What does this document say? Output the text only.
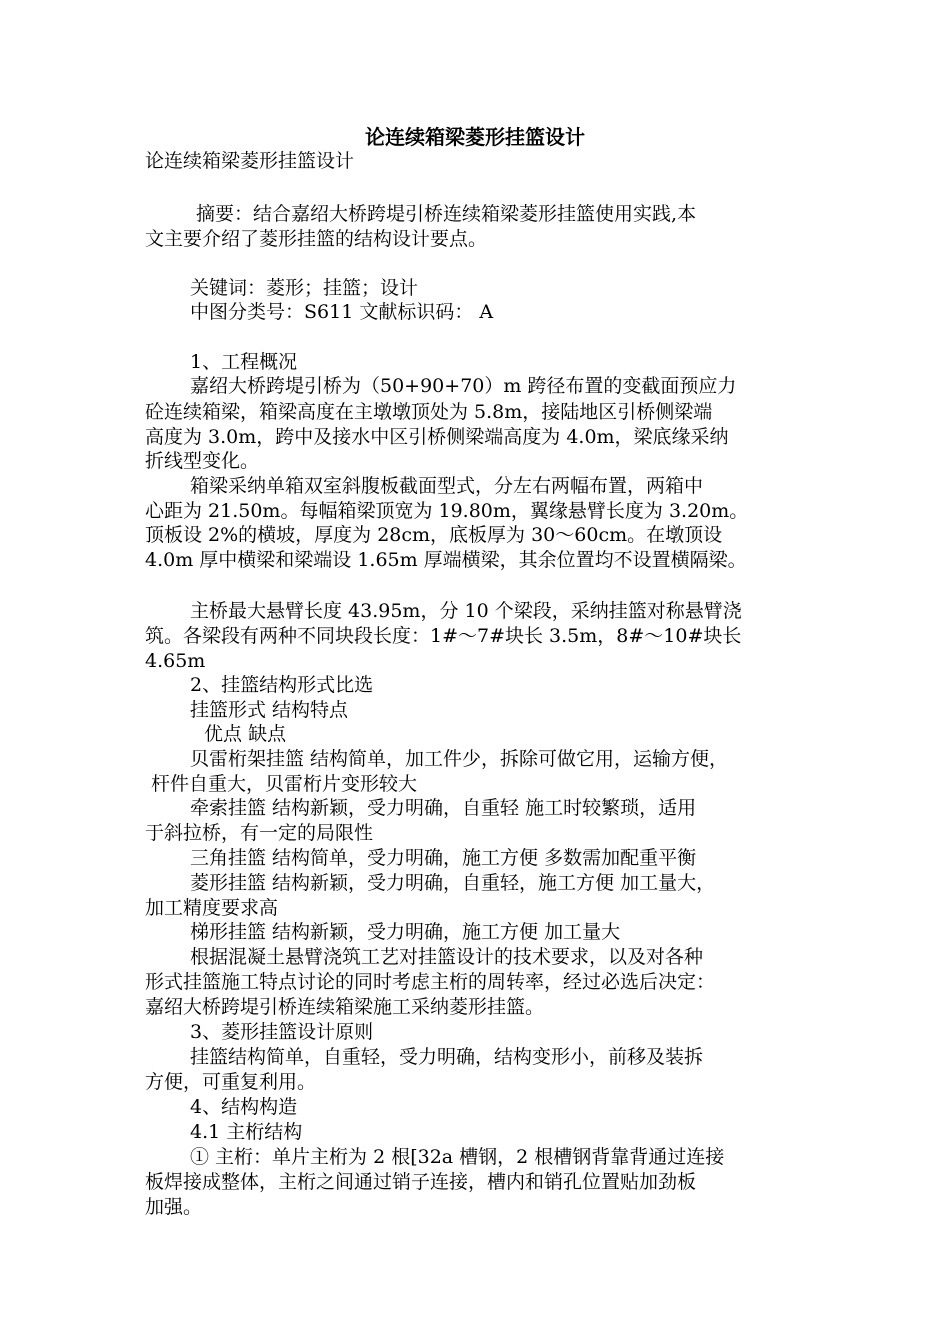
论连续箱梁菱形挂篮设计
论连续箱梁菱形挂篮设计
摘要：结合嘉绍大桥跨堤引桥连续箱梁菱形挂篮使用实践,本
文主要介绍了菱形挂篮的结构设计要点。
关键词：菱形；挂篮；设计
中图分类号：S611 文献标识码： A
1、工程概况
嘉绍大桥跨堤引桥为（50+90+70）m 跨径布置的变截面预应力
砼连续箱梁，箱梁高度在主墩墩顶处为 5.8m，接陆地区引桥侧梁端
高度为 3.0m，跨中及接水中区引桥侧梁端高度为 4.0m，梁底缘采纳
折线型变化。
箱梁采纳单箱双室斜腹板截面型式，分左右两幅布置，两箱中
心距为 21.50m。每幅箱梁顶宽为 19.80m，翼缘悬臂长度为 3.20m。
顶板设 2%的横坡，厚度为 28cm，底板厚为 30～60cm。在墩顶设
4.0m 厚中横梁和梁端设 1.65m 厚端横梁，其余位置均不设置横隔梁。
主桥最大悬臂长度 43.95m，分 10 个梁段，采纳挂篮对称悬臂浇
筑。各梁段有两种不同块段长度：1#～7#块长 3.5m，8#～10#块长
4.65m
2、挂篮结构形式比选
挂篮形式 结构特点
优点 缺点
贝雷桁架挂篮 结构简单，加工件少，拆除可做它用，运输方便，
杆件自重大，贝雷桁片变形较大
牵索挂篮 结构新颖，受力明确，自重轻 施工时较繁琐，适用
于斜拉桥，有一定的局限性
三角挂篮 结构简单，受力明确，施工方便 多数需加配重平衡
菱形挂篮 结构新颖，受力明确，自重轻，施工方便 加工量大，
加工精度要求高
梯形挂篮 结构新颖，受力明确，施工方便 加工量大
根据混凝土悬臂浇筑工艺对挂篮设计的技术要求，以及对各种
形式挂篮施工特点讨论的同时考虑主桁的周转率，经过必选后决定：
嘉绍大桥跨堤引桥连续箱梁施工采纳菱形挂篮。
3、菱形挂篮设计原则
挂篮结构简单，自重轻，受力明确，结构变形小，前移及装拆
方便，可重复利用。
4、结构构造
4.1 主桁结构
① 主桁：单片主桁为 2 根[32a 槽钢，2 根槽钢背靠背通过连接
板焊接成整体，主桁之间通过销子连接，槽内和销孔位置贴加劲板
加强。
